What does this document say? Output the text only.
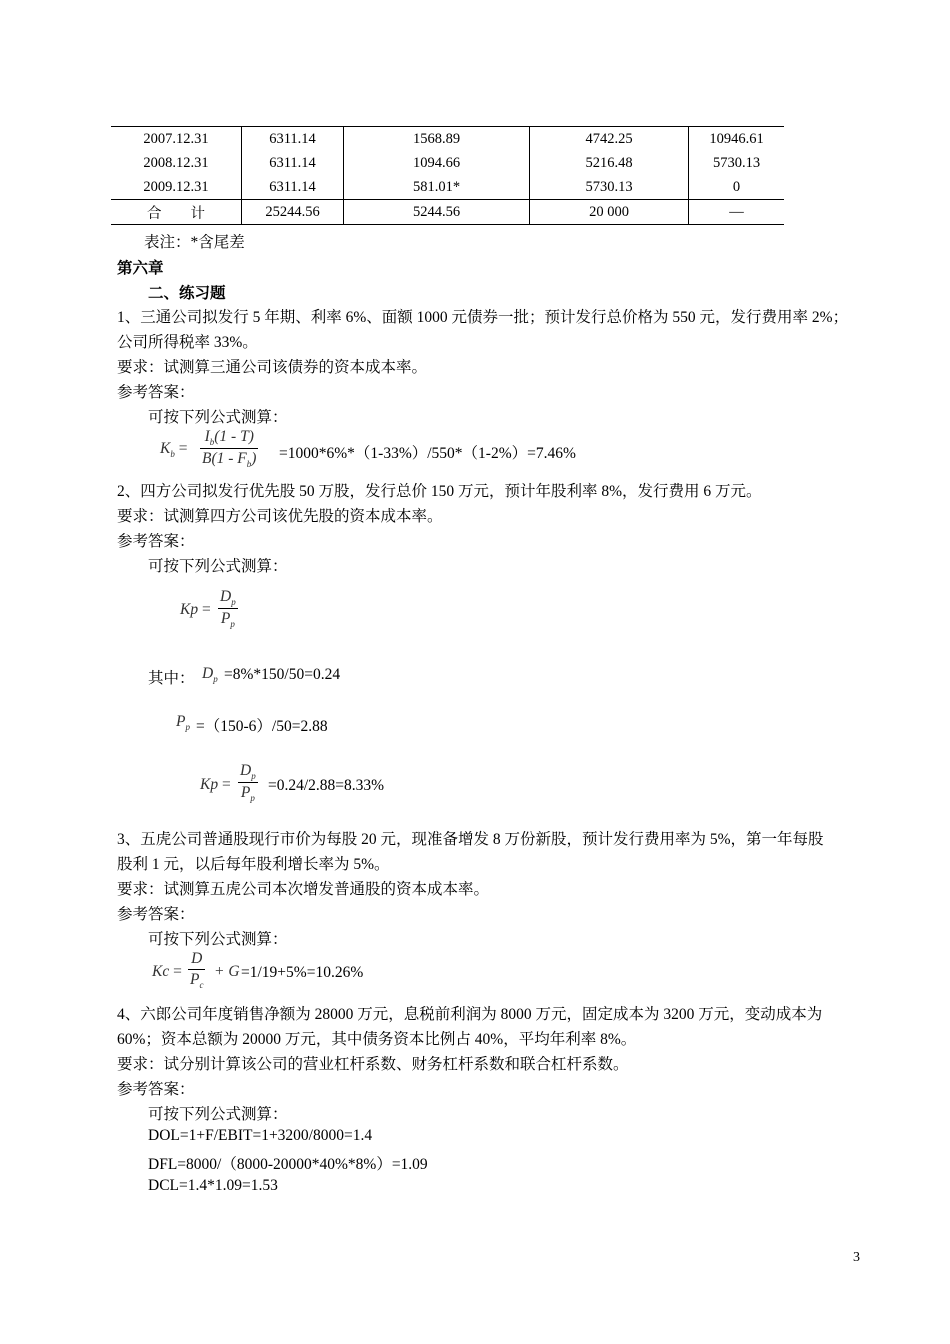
2007.12.31	6311.14	1568.89	4742.25	10946.61
2008.12.31	6311.14	1094.66	5216.48	5730.13
2009.12.31	6311.14	581.01*	5730.13	0
合　　计	25244.56	5244.56	20 000	—
表注：*含尾差
第六章
二、练习题
1、三通公司拟发行 5 年期、利率 6%、面额 1000 元债券一批；预计发行总价格为 550 元，发行费用率 2%；
公司所得税率 33%。
要求：试测算三通公司该债券的资本成本率。
参考答案：
可按下列公式测算：
$K_b = \frac{I_b(1 - T)}{B(1 - F_b)} =1000*6\%*(1-33\%)/550*(1-2\%)=7.46\%$
2、四方公司拟发行优先股 50 万股，发行总价 150 万元，预计年股利率 8%，发行费用 6 万元。
要求：试测算四方公司该优先股的资本成本率。
参考答案：
可按下列公式测算：
$Kp = \frac{D_p}{P_p}$
其中： $D_p =8\%*150/50=0.24$
$P_p =(150-6)/50=2.88$
$Kp = \frac{D_p}{P_p} =0.24/2.88=8.33\%$
3、五虎公司普通股现行市价为每股 20 元，现准备增发 8 万份新股，预计发行费用率为 5%，第一年每股
股利 1 元，以后每年股利增长率为 5%。
要求：试测算五虎公司本次增发普通股的资本成本率。
参考答案：
可按下列公式测算：
$Kc = \frac{D}{P_c} + G =1/19+5\%=10.26\%$
4、六郎公司年度销售净额为 28000 万元，息税前利润为 8000 万元，固定成本为 3200 万元，变动成本为
60%；资本总额为 20000 万元，其中债务资本比例占 40%，平均年利率 8%。
要求：试分别计算该公司的营业杠杆系数、财务杠杆系数和联合杠杆系数。
参考答案：
可按下列公式测算：
DOL=1+F/EBIT=1+3200/8000=1.4
DFL=8000/（8000-20000*40%*8%）=1.09
DCL=1.4*1.09=1.53
3
